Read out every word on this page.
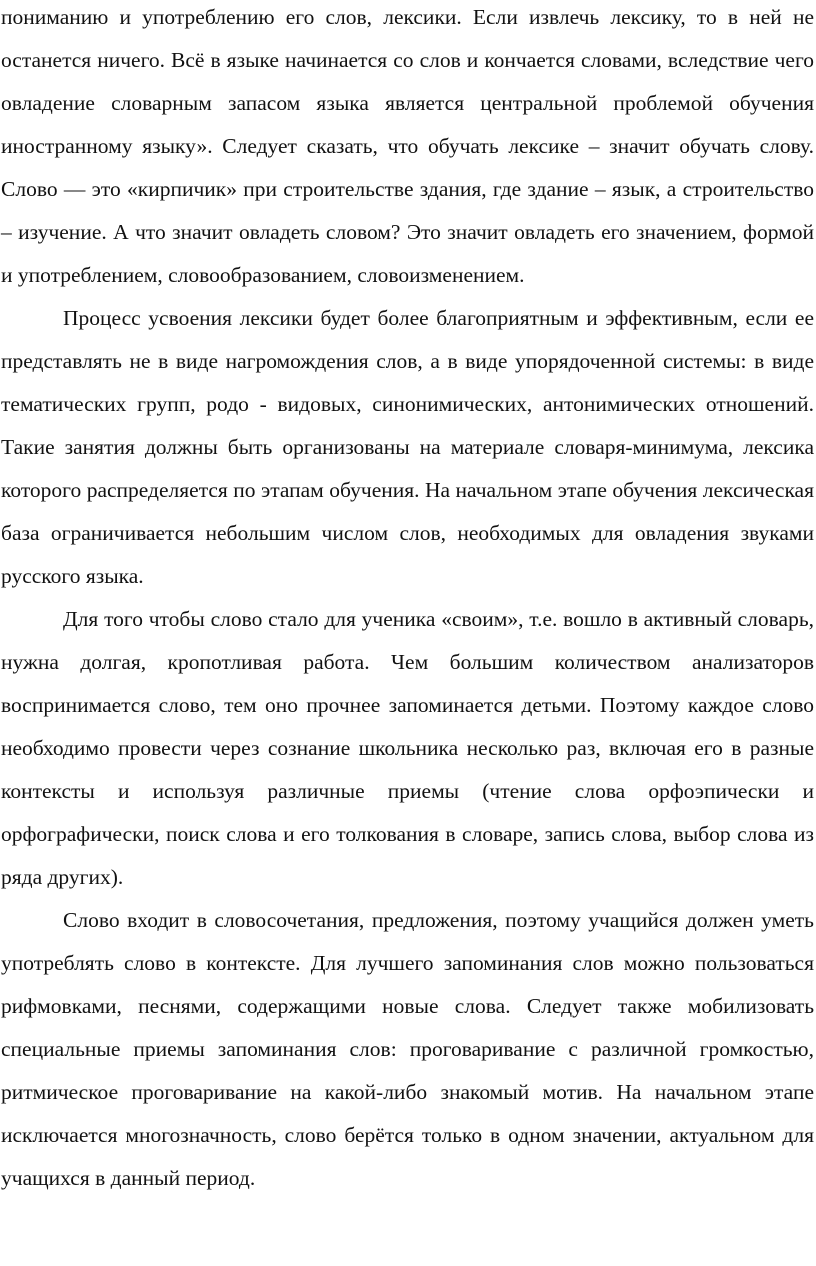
пониманию и употреблению его слов, лексики. Если извлечь лексику, то в ней не останется ничего. Всё в языке начинается со слов и кончается словами, вследствие чего овладение словарным запасом языка является центральной проблемой обучения иностранному языку». Следует сказать, что обучать лексике – значит обучать слову. Слово — это «кирпичик» при строительстве здания, где здание – язык, а строительство – изучение. А что значит овладеть словом? Это значит овладеть его значением, формой и употреблением, словообразованием, словоизменением.

Процесс усвоения лексики будет более благоприятным и эффективным, если ее представлять не в виде нагромождения слов, а в виде упорядоченной системы: в виде тематических групп, родо - видовых, синонимических, антонимических отношений. Такие занятия должны быть организованы на материале словаря-минимума, лексика которого распределяется по этапам обучения. На начальном этапе обучения лексическая база ограничивается небольшим числом слов, необходимых для овладения звуками русского языка.

Для того чтобы слово стало для ученика «своим», т.е. вошло в активный словарь, нужна долгая, кропотливая работа. Чем большим количеством анализаторов воспринимается слово, тем оно прочнее запоминается детьми. Поэтому каждое слово необходимо провести через сознание школьника несколько раз, включая его в разные контексты и используя различные приемы (чтение слова орфоэпически и орфографически, поиск слова и его толкования в словаре, запись слова, выбор слова из ряда других).

Слово входит в словосочетания, предложения, поэтому учащийся должен уметь употреблять слово в контексте. Для лучшего запоминания слов можно пользоваться рифмовками, песнями, содержащими новые слова. Следует также мобилизовать специальные приемы запоминания слов: проговаривание с различной громкостью, ритмическое проговаривание на какой-либо знакомый мотив. На начальном этапе исключается многозначность, слово берётся только в одном значении, актуальном для учащихся в данный период.
